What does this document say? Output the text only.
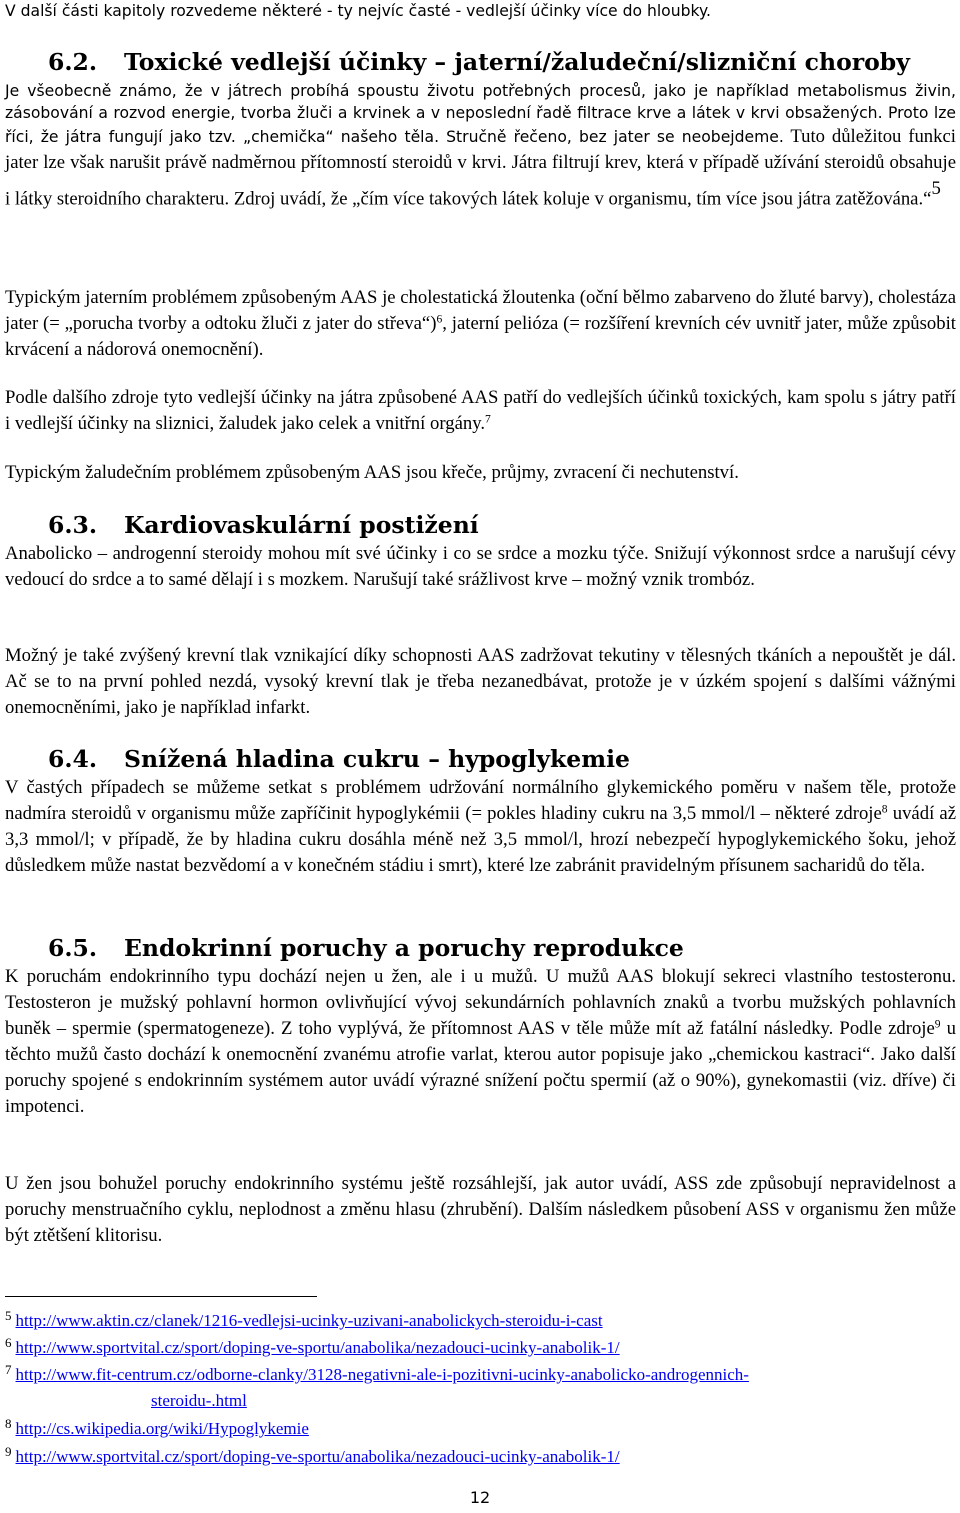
V další části kapitoly rozvedeme některé - ty nejvíc časté - vedlejší účinky více do hloubky.

6.2. Toxické vedlejší účinky – jaterní/žaludeční/slizniční choroby

Je všeobecně známo, že v játrech probíhá spoustu životu potřebných procesů, jako je například metabolismus živin, zásobování a rozvod energie, tvorba žluči a krvinek a v neposlední řadě filtrace krve a látek v krvi obsažených. Proto lze říci, že játra fungují jako tzv. „chemička“ našeho těla. Stručně řečeno, bez jater se neobejdeme. Tuto důležitou funkci jater lze však narušit právě nadměrnou přítomností steroidů v krvi. Játra filtrují krev, která v případě užívání steroidů obsahuje i látky steroidního charakteru. Zdroj uvádí, že „čím více takových látek koluje v organismu, tím více jsou játra zatěžována.“$^5$

Typickým jaterním problémem způsobeným AAS je cholestatická žloutenka (oční bělmo zabarveno do žluté barvy), cholestáza jater (= „porucha tvorby a odtoku žluči z jater do střeva“)$^6$, jaterní pelióza (= rozšíření krevních cév uvnitř jater, může způsobit krvácení a nádorová onemocnění).

Podle dalšího zdroje tyto vedlejší účinky na játra způsobené AAS patří do vedlejších účinků toxických, kam spolu s játry patří i vedlejší účinky na sliznici, žaludek jako celek a vnitřní orgány.$^7$

Typickým žaludečním problémem způsobeným AAS jsou křeče, průjmy, zvracení či nechutenství.

6.3. Kardiovaskulární postižení

Anabolicko – androgenní steroidy mohou mít své účinky i co se srdce a mozku týče. Snižují výkonnost srdce a narušují cévy vedoucí do srdce a to samé dělají i s mozkem. Narušují také srážlivost krve – možný vznik trombóz.

Možný je také zvýšený krevní tlak vznikající díky schopnosti AAS zadržovat tekutiny v tělesných tkáních a nepouštět je dál. Ač se to na první pohled nezdá, vysoký krevní tlak je třeba nezanedbávat, protože je v úzkém spojení s dalšími vážnými onemocněními, jako je například infarkt.

6.4. Snížená hladina cukru – hypoglykemie

V častých případech se můžeme setkat s problémem udržování normálního glykemického poměru v našem těle, protože nadmíra steroidů v organismu může zapříčinit hypoglykémii (= pokles hladiny cukru na 3,5 mmol/l – některé zdroje$^8$ uvádí až 3,3 mmol/l; v případě, že by hladina cukru dosáhla méně než 3,5 mmol/l, hrozí nebezpečí hypoglykemického šoku, jehož důsledkem může nastat bezvědomí a v konečném stádiu i smrt), které lze zabránit pravidelným přísunem sacharidů do těla.

6.5. Endokrinní poruchy a poruchy reprodukce

K poruchám endokrinního typu dochází nejen u žen, ale i u mužů. U mužů AAS blokují sekreci vlastního testosteronu. Testosteron je mužský pohlavní hormon ovlivňující vývoj sekundárních pohlavních znaků a tvorbu mužských pohlavních buněk – spermie (spermatogeneze). Z toho vyplývá, že přítomnost AAS v těle může mít až fatální následky. Podle zdroje$^9$ u těchto mužů často dochází k onemocnění zvanému atrofie varlat, kterou autor popisuje jako „chemickou kastraci“. Jako další poruchy spojené s endokrinním systémem autor uvádí výrazné snížení počtu spermií (až o 90%), gynekomastii (viz. dříve) či impotenci.

U žen jsou bohužel poruchy endokrinního systému ještě rozsáhlejší, jak autor uvádí, ASS zde způsobují nepravidelnost a poruchy menstruačního cyklu, neplodnost a změnu hlasu (zhrubění). Dalším následkem působení ASS v organismu žen může být ztětšení klitorisu.

$^5$ http://www.aktin.cz/clanek/1216-vedlejsi-ucinky-uzivani-anabolickych-steroidu-i-cast
$^6$ http://www.sportvital.cz/sport/doping-ve-sportu/anabolika/nezadouci-ucinky-anabolik-1/
$^7$ http://www.fit-centrum.cz/odborne-clanky/3128-negativni-ale-i-pozitivni-ucinky-anabolicko-androgennich-
steroidu-.html
$^8$ http://cs.wikipedia.org/wiki/Hypoglykemie
$^9$ http://www.sportvital.cz/sport/doping-ve-sportu/anabolika/nezadouci-ucinky-anabolik-1/
12
